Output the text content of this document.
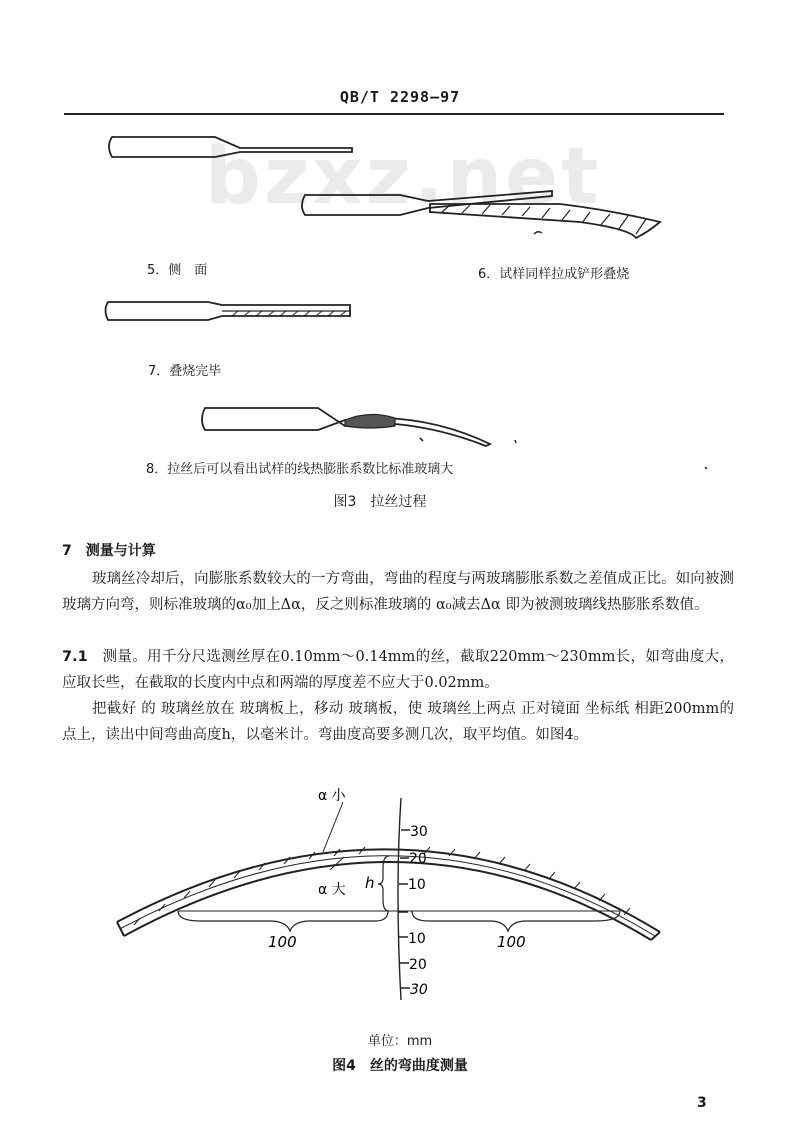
QB/T 2298—97
bzxz.net
5．侧　面	6．试样同样拉成铲形叠烧
7．叠烧完毕
8．拉丝后可以看出试样的线热膨胀系数比标准玻璃大
图3　拉丝过程
7　测量与计算

玻璃丝冷却后，向膨胀系数较大的一方弯曲，弯曲的程度与两玻璃膨胀系数之差值成正比。如向被测玻璃方向弯，则标准玻璃的α₀加上Δα，反之则标准玻璃的 α₀减去Δα 即为被测玻璃线热膨胀系数值。

7.1 测量。用千分尺选测丝厚在0.10mm～0.14mm的丝，截取220mm～230mm长，如弯曲度大，应取长些，在截取的长度内中点和两端的厚度差不应大于0.02mm。

把截好 的 玻璃丝放在 玻璃板上，移动 玻璃板，使 玻璃丝上两点 正对镜面 坐标纸 相距200mm的点上，读出中间弯曲高度h，以毫米计。弯曲度高要多测几次，取平均值。如图4。

α 小
α 大 h
100	100
30
20
10
10
20
30
单位：mm
图4　丝的弯曲度测量
3
